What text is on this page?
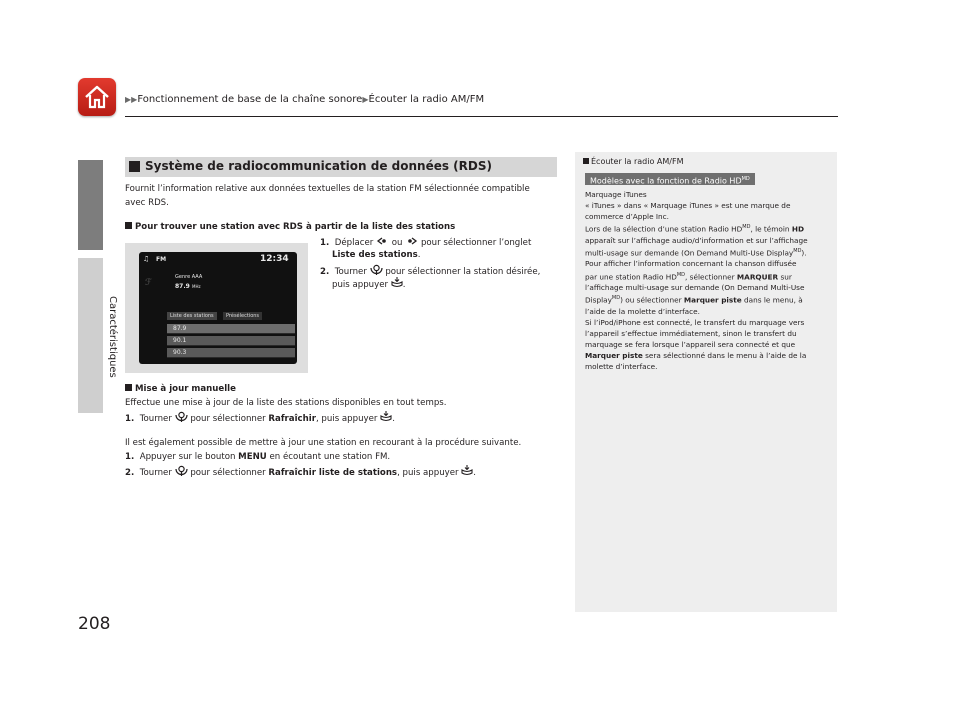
▶▶Fonctionnement de base de la chaîne sonore▶Écouter la radio AM/FM
Caractéristiques
Système de radiocommunication de données (RDS)
Fournit l’information relative aux données textuelles de la station FM sélectionnée compatible
avec RDS.
Pour trouver une station avec RDS à partir de la liste des stations
1. Déplacer ou pour sélectionner l’onglet
Liste des stations.
2. Tourner pour sélectionner la station désirée,
puis appuyer .
♫ FM	12:34
Genre AAA
87.9 MHz
ℱ
Liste des stations	Présélections
87.9
90.1
90.3
Mise à jour manuelle
Effectue une mise à jour de la liste des stations disponibles en tout temps.
1. Tourner pour sélectionner Rafraîchir, puis appuyer .
Il est également possible de mettre à jour une station en recourant à la procédure suivante.
1. Appuyer sur le bouton MENU en écoutant une station FM.
2. Tourner pour sélectionner Rafraîchir liste de stations, puis appuyer .
Écouter la radio AM/FM
Modèles avec la fonction de Radio $HD^{MD}$
Marquage iTunes
« iTunes » dans « Marquage iTunes » est une marque de
commerce d’Apple Inc.
Lors de la sélection d’une station Radio $HD^{MD}$, le témoin HD
apparaît sur l’affichage audio/d’information et sur l’affichage
multi-usage sur demande (On Demand Multi-Use Display$^{MD}$).
Pour afficher l’information concernant la chanson diffusée
par une station Radio $HD^{MD}$, sélectionner MARQUER sur
l’affichage multi-usage sur demande (On Demand Multi-Use
Display$^{MD}$) ou sélectionner Marquer piste dans le menu, à
l’aide de la molette d’interface.
Si l’iPod/iPhone est connecté, le transfert du marquage vers
l’appareil s’effectue immédiatement, sinon le transfert du
marquage se fera lorsque l’appareil sera connecté et que
Marquer piste sera sélectionné dans le menu à l’aide de la
molette d’interface.
208
